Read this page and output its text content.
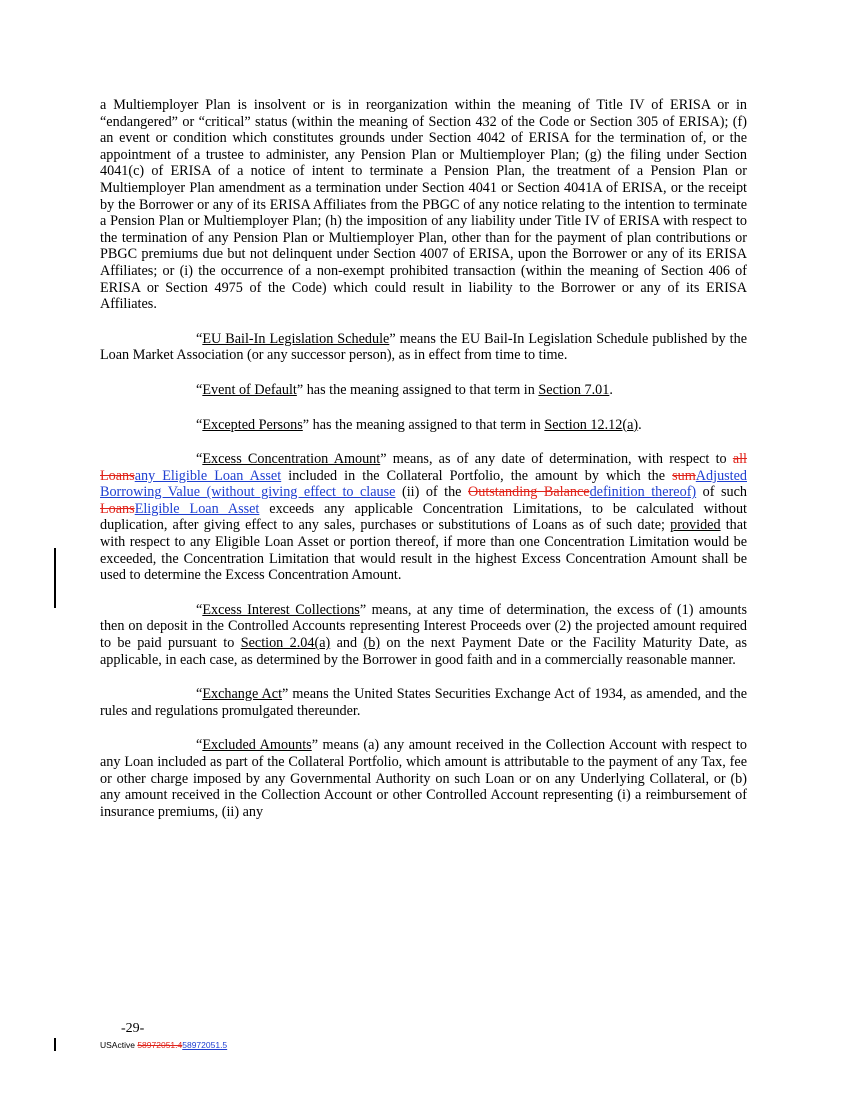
a Multiemployer Plan is insolvent or is in reorganization within the meaning of Title IV of ERISA or in “endangered” or “critical” status (within the meaning of Section 432 of the Code or Section 305 of ERISA); (f) an event or condition which constitutes grounds under Section 4042 of ERISA for the termination of, or the appointment of a trustee to administer, any Pension Plan or Multiemployer Plan; (g) the filing under Section 4041(c) of ERISA of a notice of intent to terminate a Pension Plan, the treatment of a Pension Plan or Multiemployer Plan amendment as a termination under Section 4041 or Section 4041A of ERISA, or the receipt by the Borrower or any of its ERISA Affiliates from the PBGC of any notice relating to the intention to terminate a Pension Plan or Multiemployer Plan; (h) the imposition of any liability under Title IV of ERISA with respect to the termination of any Pension Plan or Multiemployer Plan, other than for the payment of plan contributions or PBGC premiums due but not delinquent under Section 4007 of ERISA, upon the Borrower or any of its ERISA Affiliates; or (i) the occurrence of a non-exempt prohibited transaction (within the meaning of Section 406 of ERISA or Section 4975 of the Code) which could result in liability to the Borrower or any of its ERISA Affiliates.

“EU Bail-In Legislation Schedule” means the EU Bail-In Legislation Schedule published by the Loan Market Association (or any successor person), as in effect from time to time.

“Event of Default” has the meaning assigned to that term in Section 7.01.

“Excepted Persons” has the meaning assigned to that term in Section 12.12(a).

“Excess Concentration Amount” means, as of any date of determination, with respect to all Loansany Eligible Loan Asset included in the Collateral Portfolio, the amount by which the sumAdjusted Borrowing Value (without giving effect to clause (ii) of the Outstanding Balancedefinition thereof) of such LoansEligible Loan Asset exceeds any applicable Concentration Limitations, to be calculated without duplication, after giving effect to any sales, purchases or substitutions of Loans as of such date; provided that with respect to any Eligible Loan Asset or portion thereof, if more than one Concentration Limitation would be exceeded, the Concentration Limitation that would result in the highest Excess Concentration Amount shall be used to determine the Excess Concentration Amount.

“Excess Interest Collections” means, at any time of determination, the excess of (1) amounts then on deposit in the Controlled Accounts representing Interest Proceeds over (2) the projected amount required to be paid pursuant to Section 2.04(a) and (b) on the next Payment Date or the Facility Maturity Date, as applicable, in each case, as determined by the Borrower in good faith and in a commercially reasonable manner.

“Exchange Act” means the United States Securities Exchange Act of 1934, as amended, and the rules and regulations promulgated thereunder.

“Excluded Amounts” means (a) any amount received in the Collection Account with respect to any Loan included as part of the Collateral Portfolio, which amount is attributable to the payment of any Tax, fee or other charge imposed by any Governmental Authority on such Loan or on any Underlying Collateral, or (b) any amount received in the Collection Account or other Controlled Account representing (i) a reimbursement of insurance premiums, (ii) any

-29-
USActive 58972051.458972051.5
